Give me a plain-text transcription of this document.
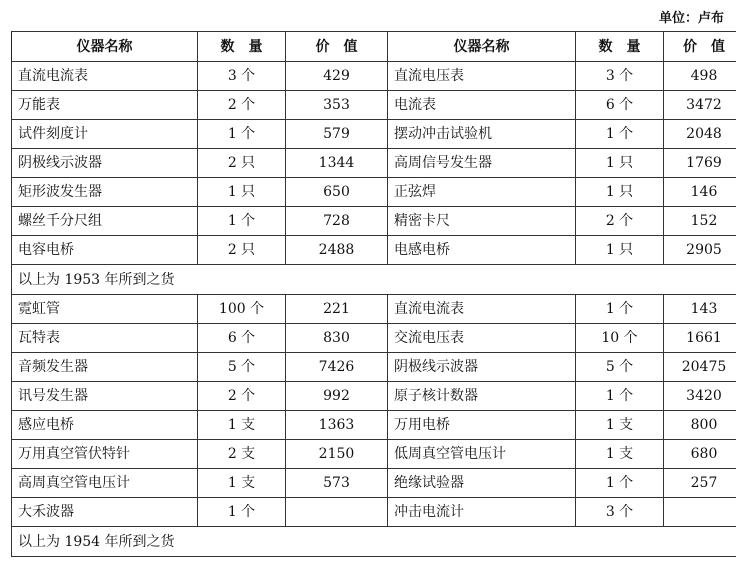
单位：卢布
仪器名称	数　量	价　值	仪器名称	数　量	价　值
直流电流表	3 个	429	直流电压表	3 个	498
万能表	2 个	353	电流表	6 个	3472
试件刻度计	1 个	579	摆动冲击试验机	1 个	2048
阴极线示波器	2 只	1344	高周信号发生器	1 只	1769
矩形波发生器	1 只	650	正弦焊	1 只	146
螺丝千分尺组	1 个	728	精密卡尺	2 个	152
电容电桥	2 只	2488	电感电桥	1 只	2905
以上为 1953 年所到之货					
霓虹管	100 个	221	直流电流表	1 个	143
瓦特表	6 个	830	交流电压表	10 个	1661
音频发生器	5 个	7426	阴极线示波器	5 个	20475
讯号发生器	2 个	992	原子核计数器	1 个	3420
感应电桥	1 支	1363	万用电桥	1 支	800
万用真空管伏特针	2 支	2150	低周真空管电压计	1 支	680
高周真空管电压计	1 支	573	绝缘试验器	1 个	257
大禾波器	1 个		冲击电流计	3 个	
以上为 1954 年所到之货					
